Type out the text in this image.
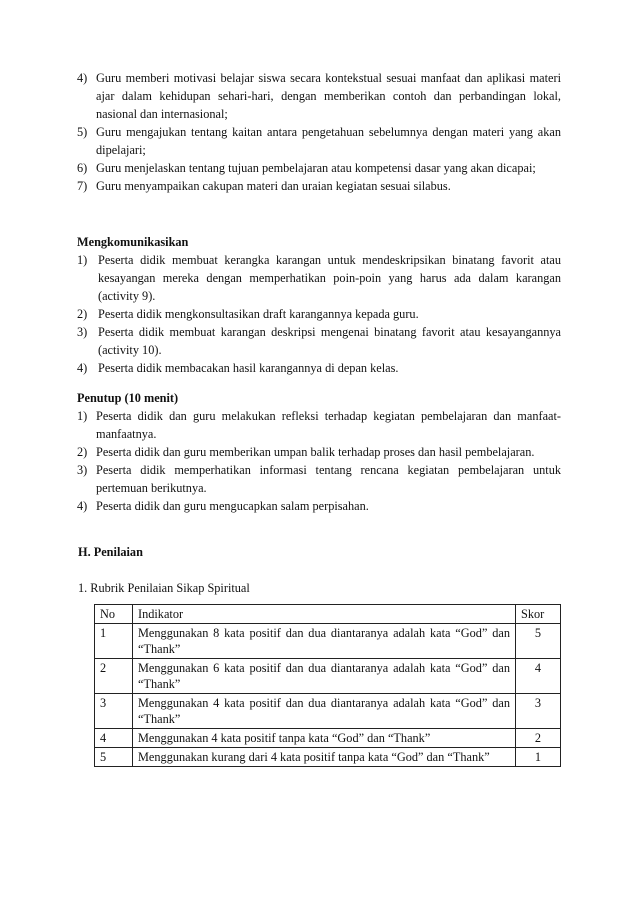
4) Guru memberi motivasi belajar siswa secara kontekstual sesuai manfaat dan aplikasi materi ajar dalam kehidupan sehari-hari, dengan memberikan contoh dan perbandingan lokal, nasional dan internasional;
5) Guru mengajukan tentang kaitan antara pengetahuan sebelumnya dengan materi yang akan dipelajari;
6) Guru menjelaskan tentang tujuan pembelajaran atau kompetensi dasar yang akan dicapai;
7) Guru menyampaikan cakupan materi dan uraian kegiatan sesuai silabus.
Mengkomunikasikan
1) Peserta didik membuat kerangka karangan untuk mendeskripsikan binatang favorit atau kesayangan mereka dengan memperhatikan poin-poin yang harus ada dalam karangan (activity 9).
2) Peserta didik mengkonsultasikan draft karangannya kepada guru.
3) Peserta didik membuat karangan deskripsi mengenai binatang favorit atau kesayangannya (activity 10).
4) Peserta didik membacakan hasil karangannya di depan kelas.
Penutup (10 menit)
1) Peserta didik dan guru melakukan refleksi terhadap kegiatan pembelajaran dan manfaat-manfaatnya.
2) Peserta didik dan guru memberikan umpan balik terhadap proses dan hasil pembelajaran.
3) Peserta didik memperhatikan informasi tentang rencana kegiatan pembelajaran untuk pertemuan berikutnya.
4) Peserta didik dan guru mengucapkan salam perpisahan.
H. Penilaian
1. Rubrik Penilaian Sikap Spiritual
No	Indikator	Skor
1	Menggunakan 8 kata positif dan dua diantaranya adalah kata “God” dan “Thank”	5
2	Menggunakan 6 kata positif dan dua diantaranya adalah kata “God” dan “Thank”	4
3	Menggunakan 4 kata positif dan dua diantaranya adalah kata “God” dan “Thank”	3
4	Menggunakan 4 kata positif tanpa kata “God” dan “Thank”	2
5	Menggunakan kurang dari 4 kata positif tanpa kata “God” dan “Thank”	1
